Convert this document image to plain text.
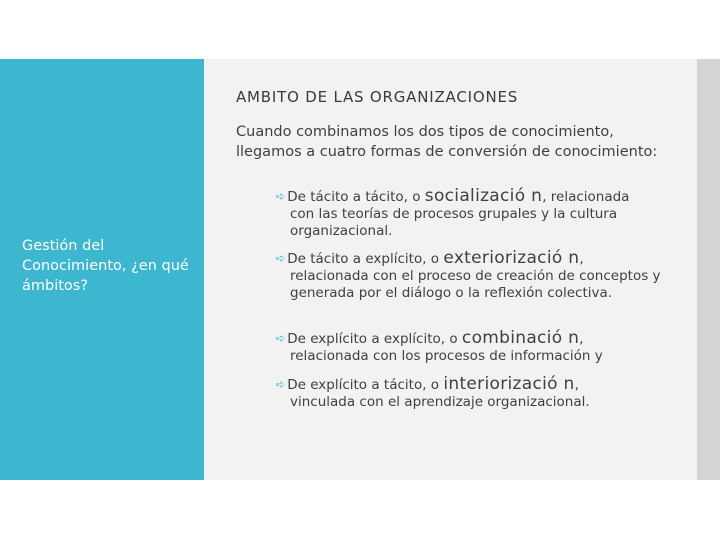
Gestión del Conocimiento, ¿en qué ámbitos?
AMBITO DE LAS ORGANIZACIONES
Cuando combinamos los dos tipos de conocimiento, llegamos a cuatro formas de conversión de conocimiento:
➪ De tácito a tácito, o socializació n, relacionada
con las teorías de procesos grupales y la cultura organizacional.
➪ De tácito a explícito, o exteriorizació n,
relacionada con el proceso de creación de conceptos y generada por el diálogo o la reflexión colectiva.
➪ De explícito a explícito, o combinació n,
relacionada con los procesos de información y
➪ De explícito a tácito, o interiorizació n,
vinculada con el aprendizaje organizacional.
